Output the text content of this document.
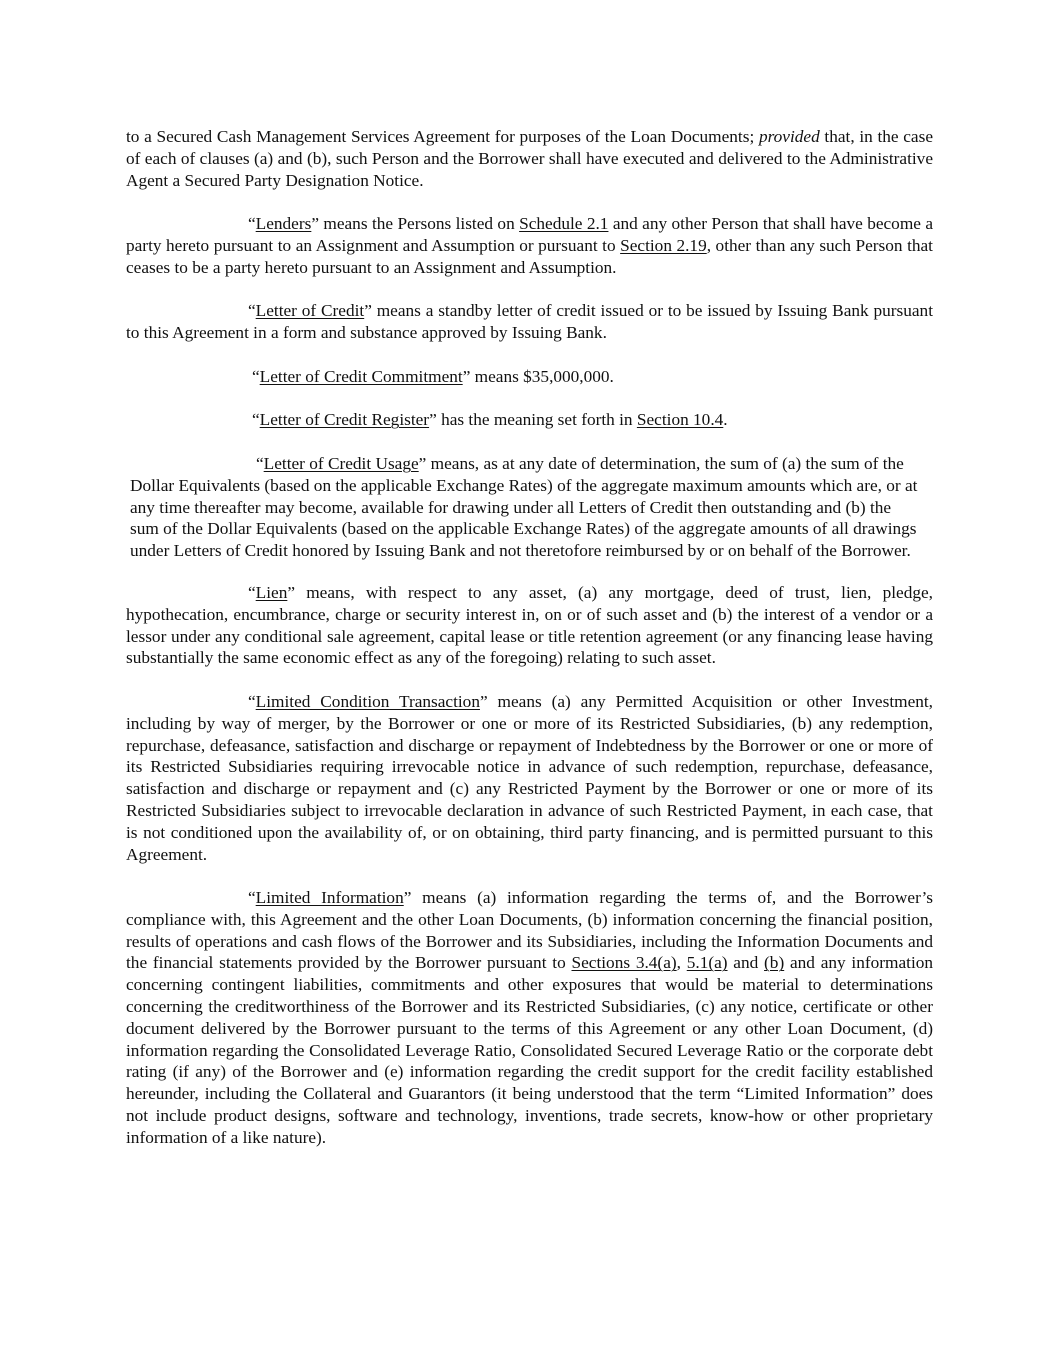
to a Secured Cash Management Services Agreement for purposes of the Loan Documents; provided that, in the case of each of clauses (a) and (b), such Person and the Borrower shall have executed and delivered to the Administrative Agent a Secured Party Designation Notice.

“Lenders” means the Persons listed on Schedule 2.1 and any other Person that shall have become a party hereto pursuant to an Assignment and Assumption or pursuant to Section 2.19, other than any such Person that ceases to be a party hereto pursuant to an Assignment and Assumption.

“Letter of Credit” means a standby letter of credit issued or to be issued by Issuing Bank pursuant to this Agreement in a form and substance approved by Issuing Bank.

“Letter of Credit Commitment” means $35,000,000.

“Letter of Credit Register” has the meaning set forth in Section 10.4.

“Letter of Credit Usage” means, as at any date of determination, the sum of (a) the sum of the Dollar Equivalents (based on the applicable Exchange Rates) of the aggregate maximum amounts which are, or at any time thereafter may become, available for drawing under all Letters of Credit then outstanding and (b) the sum of the Dollar Equivalents (based on the applicable Exchange Rates) of the aggregate amounts of all drawings under Letters of Credit honored by Issuing Bank and not theretofore reimbursed by or on behalf of the Borrower.

“Lien” means, with respect to any asset, (a) any mortgage, deed of trust, lien, pledge, hypothecation, encumbrance, charge or security interest in, on or of such asset and (b) the interest of a vendor or a lessor under any conditional sale agreement, capital lease or title retention agreement (or any financing lease having substantially the same economic effect as any of the foregoing) relating to such asset.

“Limited Condition Transaction” means (a) any Permitted Acquisition or other Investment, including by way of merger, by the Borrower or one or more of its Restricted Subsidiaries, (b) any redemption, repurchase, defeasance, satisfaction and discharge or repayment of Indebtedness by the Borrower or one or more of its Restricted Subsidiaries requiring irrevocable notice in advance of such redemption, repurchase, defeasance, satisfaction and discharge or repayment and (c) any Restricted Payment by the Borrower or one or more of its Restricted Subsidiaries subject to irrevocable declaration in advance of such Restricted Payment, in each case, that is not conditioned upon the availability of, or on obtaining, third party financing, and is permitted pursuant to this Agreement.

“Limited Information” means (a) information regarding the terms of, and the Borrower’s compliance with, this Agreement and the other Loan Documents, (b) information concerning the financial position, results of operations and cash flows of the Borrower and its Subsidiaries, including the Information Documents and the financial statements provided by the Borrower pursuant to Sections 3.4(a), 5.1(a) and (b) and any information concerning contingent liabilities, commitments and other exposures that would be material to determinations concerning the creditworthiness of the Borrower and its Restricted Subsidiaries, (c) any notice, certificate or other document delivered by the Borrower pursuant to the terms of this Agreement or any other Loan Document, (d) information regarding the Consolidated Leverage Ratio, Consolidated Secured Leverage Ratio or the corporate debt rating (if any) of the Borrower and (e) information regarding the credit support for the credit facility established hereunder, including the Collateral and Guarantors (it being understood that the term “Limited Information” does not include product designs, software and technology, inventions, trade secrets, know-how or other proprietary information of a like nature).
